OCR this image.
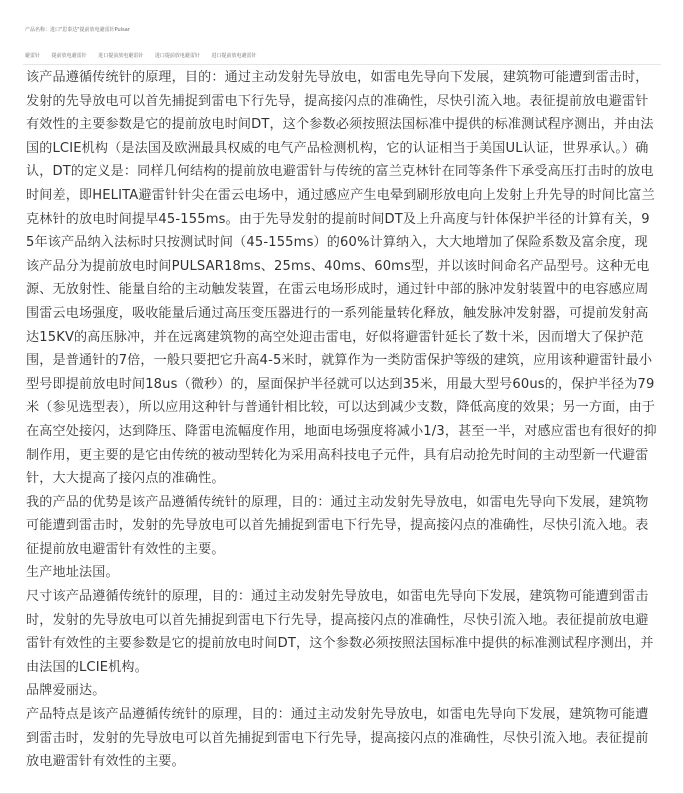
产品名称：进口"思泰达"提前放电避雷针Pulsar
避雷针 提前放电避雷针 进口提前放电避雷针 进口提前放电避雷针 进口提前放电避雷针

该产品遵循传统针的原理，目的：通过主动发射先导放电，如雷电先导向下发展，建筑物可能遭到雷击时，发射的先导放电可以首先捕捉到雷电下行先导，提高接闪点的准确性，尽快引流入地。表征提前放电避雷针有效性的主要参数是它的提前放电时间DT，这个参数必须按照法国标准中提供的标准测试程序测出，并由法国的LCIE机构（是法国及欧洲最具权威的电气产品检测机构，它的认证相当于美国UL认证，世界承认。）确认，DT的定义是：同样几何结构的提前放电避雷针与传统的富兰克林针在同等条件下承受高压打击时的放电时间差，即HELITA避雷针针尖在雷云电场中，通过感应产生电晕到刷形放电向上发射上升先导的时间比富兰克林针的放电时间提早45-155ms。由于先导发射的提前时间DT及上升高度与针体保护半径的计算有关，95年该产品纳入法标时只按测试时间（45-155ms）的60%计算纳入，大大地增加了保险系数及富余度，现该产品分为提前放电时间PULSAR18ms、25ms、40ms、60ms型，并以该时间命名产品型号。这种无电源、无放射性、能量自给的主动触发装置，在雷云电场形成时，通过针中部的脉冲发射装置中的电容感应周围雷云电场强度，吸收能量后通过高压变压器进行的一系列能量转化释放，触发脉冲发射器，可提前发射高达15KV的高压脉冲，并在远离建筑物的高空处迎击雷电，好似将避雷针延长了数十米，因而增大了保护范围，是普通针的7倍，一般只要把它升高4-5米时，就算作为一类防雷保护等级的建筑，应用该种避雷针最小型号即提前放电时间18us（微秒）的，屋面保护半径就可以达到35米，用最大型号60us的，保护半径为79米（参见选型表），所以应用这种针与普通针相比较，可以达到减少支数，降低高度的效果；另一方面，由于在高空处接闪，达到降压、降雷电流幅度作用，地面电场强度将减小1/3，甚至一半，对感应雷也有很好的抑制作用，更主要的是它由传统的被动型转化为采用高科技电子元件，具有启动抢先时间的主动型新一代避雷针，大大提高了接闪点的准确性。

我的产品的优势是该产品遵循传统针的原理，目的：通过主动发射先导放电，如雷电先导向下发展，建筑物可能遭到雷击时，发射的先导放电可以首先捕捉到雷电下行先导，提高接闪点的准确性，尽快引流入地。表征提前放电避雷针有效性的主要。

生产地址法国。

尺寸该产品遵循传统针的原理，目的：通过主动发射先导放电，如雷电先导向下发展，建筑物可能遭到雷击时，发射的先导放电可以首先捕捉到雷电下行先导，提高接闪点的准确性，尽快引流入地。表征提前放电避雷针有效性的主要参数是它的提前放电时间DT，这个参数必须按照法国标准中提供的标准测试程序测出，并由法国的LCIE机构。

品牌爱丽达。

产品特点是该产品遵循传统针的原理，目的：通过主动发射先导放电，如雷电先导向下发展，建筑物可能遭到雷击时，发射的先导放电可以首先捕捉到雷电下行先导，提高接闪点的准确性，尽快引流入地。表征提前放电避雷针有效性的主要。
